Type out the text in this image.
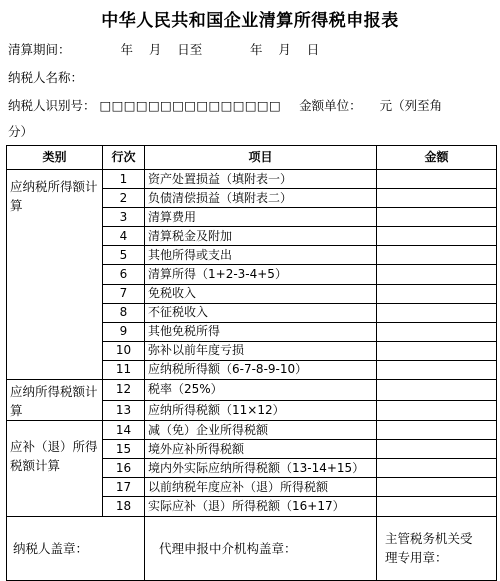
中华人民共和国企业清算所得税申报表
清算期间：	年    月    日至            年    月    日
纳税人名称：
纳税人识别号： □□□□□□□□□□□□□□□ 金额单位： 元（列至角
分）
类别	行次	项目	金额
应纳税所得额计算	1	资产处置损益（填附表一）	
	2	负债清偿损益（填附表二）	
	3	清算费用	
	4	清算税金及附加	
	5	其他所得或支出	
	6	清算所得（1+2-3-4+5）	
	7	免税收入	
	8	不征税收入	
	9	其他免税所得	
	10	弥补以前年度亏损	
	11	应纳税所得额（6-7-8-9-10）	
应纳所得税额计算	12	税率（25%）	
	13	应纳所得税额（11×12）	
应补（退）所得税额计算	14	减（免）企业所得税额	
	15	境外应补所得税额	
	16	境内外实际应纳所得税额（13-14+15）	
	17	以前纳税年度应补（退）所得税额	
	18	实际应补（退）所得税额（16+17）	
纳税人盖章：		代理申报中介机构盖章：	主管税务机关受理专用章：
